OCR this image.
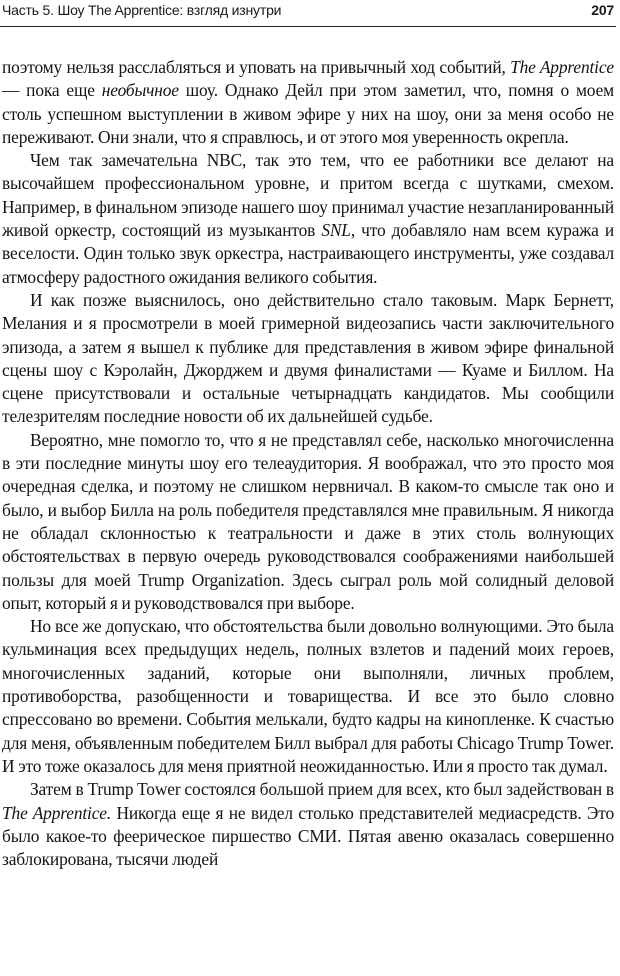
Часть 5. Шоу The Apprentice: взгляд изнутри	207

поэтому нельзя расслабляться и уповать на привычный ход событий, The Apprentice — пока еще необычное шоу. Однако Дейл при этом заметил, что, помня о моем столь успешном выступлении в живом эфире у них на шоу, они за меня особо не переживают. Они знали, что я справлюсь, и от этого моя уверенность окрепла.

Чем так замечательна NBC, так это тем, что ее работники все делают на высочайшем профессиональном уровне, и притом всегда с шутками, смехом. Например, в финальном эпизоде нашего шоу принимал участие незапланированный живой оркестр, состоящий из музыкантов SNL, что добавляло нам всем куража и веселости. Один только звук оркестра, настраивающего инструменты, уже создавал атмосферу радостного ожидания великого события.

И как позже выяснилось, оно действительно стало таковым. Марк Бернетт, Мелания и я просмотрели в моей гримерной видеозапись части заключительного эпизода, а затем я вышел к публике для представления в живом эфире финальной сцены шоу с Кэролайн, Джорджем и двумя финалистами — Куаме и Биллом. На сцене присутствовали и остальные четырнадцать кандидатов. Мы сообщили телезрителям последние новости об их дальнейшей судьбе.

Вероятно, мне помогло то, что я не представлял себе, насколько многочисленна в эти последние минуты шоу его телеаудитория. Я воображал, что это просто моя очередная сделка, и поэтому не слишком нервничал. В каком-то смысле так оно и было, и выбор Билла на роль победителя представлялся мне правильным. Я никогда не обладал склонностью к театральности и даже в этих столь волнующих обстоятельствах в первую очередь руководствовался соображениями наибольшей пользы для моей Trump Organization. Здесь сыграл роль мой солидный деловой опыт, который я и руководствовался при выборе.

Но все же допускаю, что обстоятельства были довольно волнующими. Это была кульминация всех предыдущих недель, полных взлетов и падений моих героев, многочисленных заданий, которые они выполняли, личных проблем, противоборства, разобщенности и товарищества. И все это было словно спрессовано во времени. События мелькали, будто кадры на кинопленке. К счастью для меня, объявленным победителем Билл выбрал для работы Chicago Trump Tower. И это тоже оказалось для меня приятной неожиданностью. Или я просто так думал.

Затем в Trump Tower состоялся большой прием для всех, кто был задействован в The Apprentice. Никогда еще я не видел столько представителей медиасредств. Это было какое-то феерическое пиршество СМИ. Пятая авеню оказалась совершенно заблокирована, тысячи людей
